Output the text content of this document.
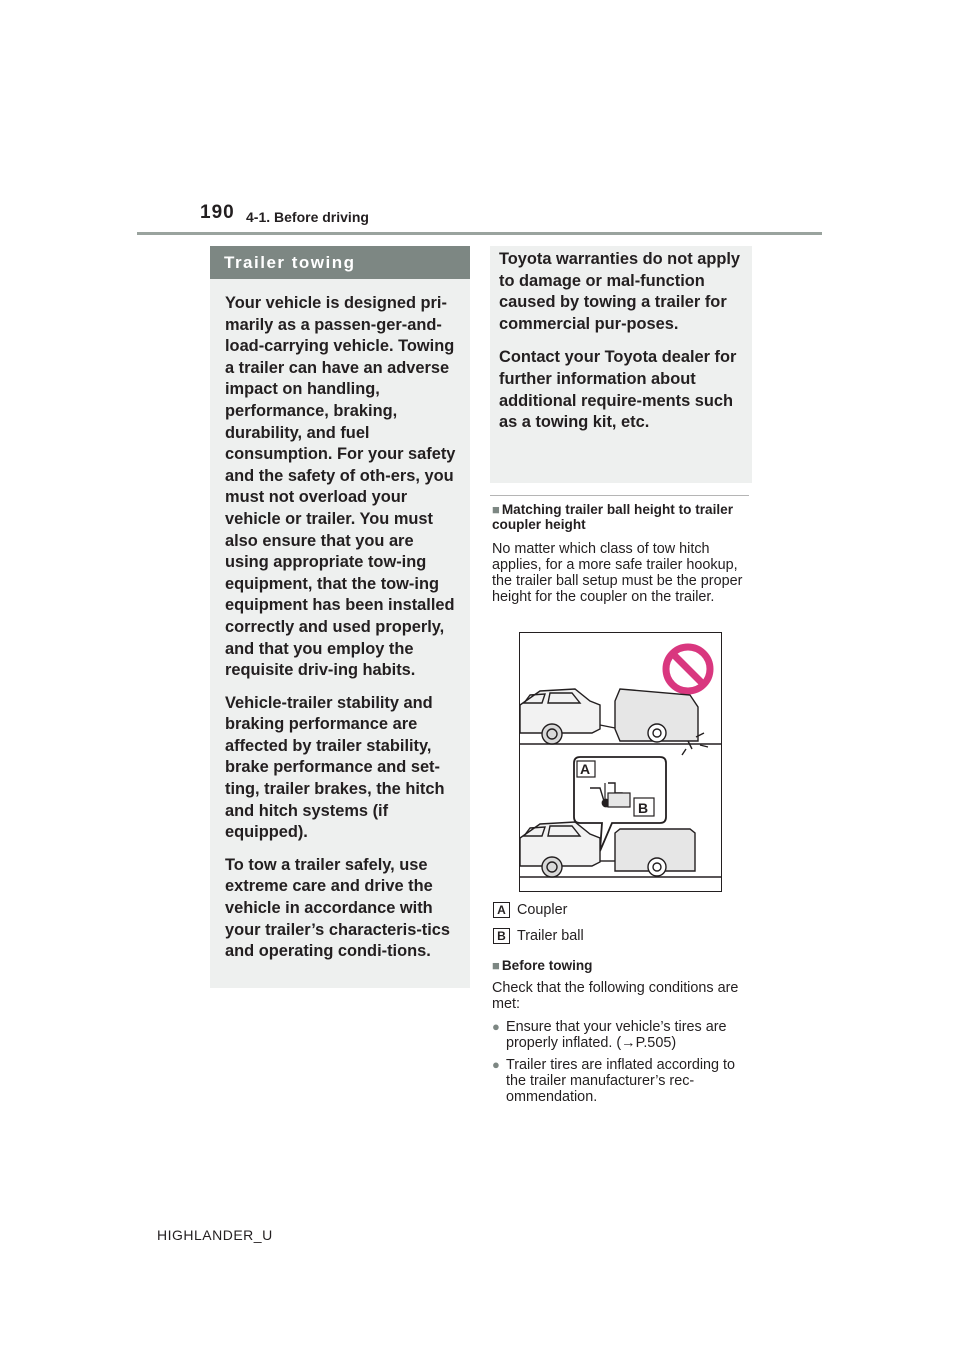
190 4-1. Before driving
Trailer towing

Your vehicle is designed pri-marily as a passen-ger-and-load-carrying vehicle. Towing a trailer can have an adverse impact on handling, performance, braking, durability, and fuel consumption. For your safety and the safety of oth-ers, you must not overload your vehicle or trailer. You must also ensure that you are using appropriate tow-ing equipment, that the tow-ing equipment has been installed correctly and used properly, and that you employ the requisite driv-ing habits.

Vehicle-trailer stability and braking performance are affected by trailer stability, brake performance and set-ting, trailer brakes, the hitch and hitch systems (if equipped).

To tow a trailer safely, use extreme care and drive the vehicle in accordance with your trailer’s characteris-tics and operating condi-tions.

Toyota warranties do not apply to damage or mal-function caused by towing a trailer for commercial pur-poses.

Contact your Toyota dealer for further information about additional require-ments such as a towing kit, etc.

■ Matching trailer ball height to trailer coupler height

No matter which class of tow hitch applies, for a more safe trailer hookup, the trailer ball setup must be the proper height for the coupler on the trailer.

A
B
A Coupler
B Trailer ball
■ Before towing

Check that the following conditions are met:

● Ensure that your vehicle’s tires are properly inflated. (→P.505)
● Trailer tires are inflated according to the trailer manufacturer’s rec-ommendation.
HIGHLANDER_U
